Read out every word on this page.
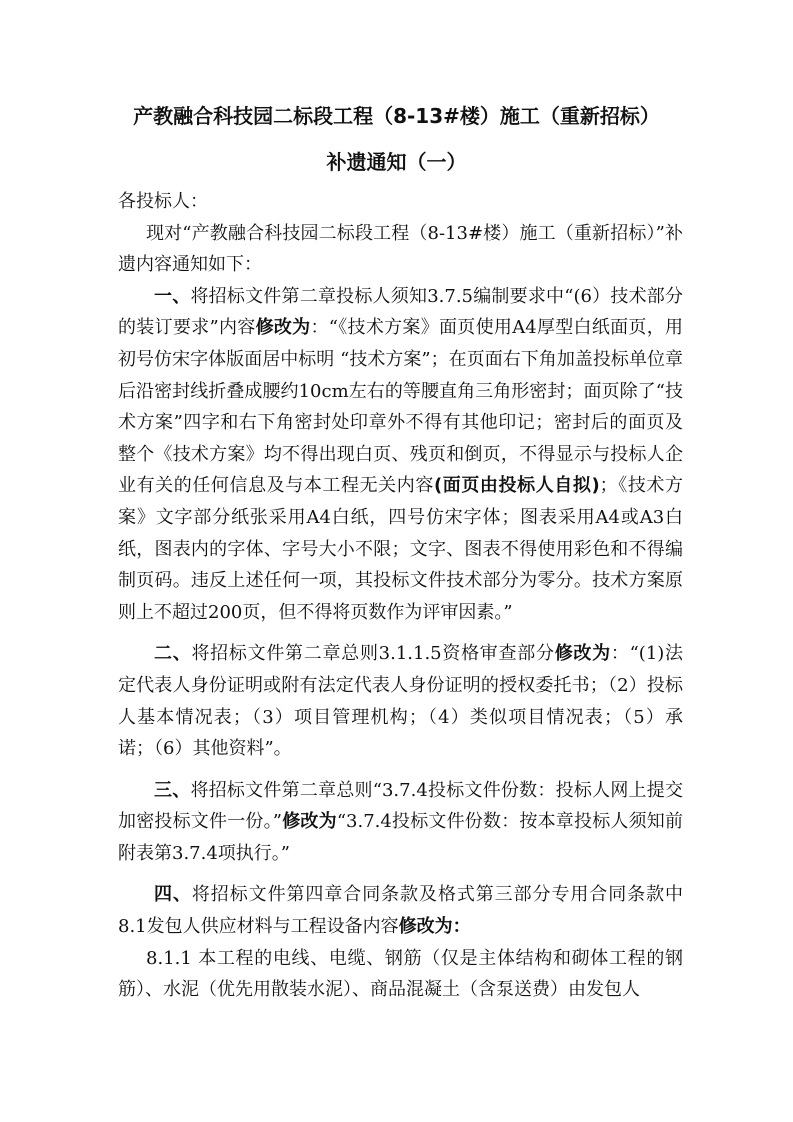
产教融合科技园二标段工程（8-13#楼）施工（重新招标）
补遗通知（一）

各投标人：

现对“产教融合科技园二标段工程（8-13#楼）施工（重新招标）”补遗内容通知如下：

一、将招标文件第二章投标人须知3.7.5编制要求中“(6）技术部分的装订要求”内容修改为：“《技术方案》面页使用A4厚型白纸面页，用初号仿宋字体版面居中标明 “技术方案”；在页面右下角加盖投标单位章后沿密封线折叠成腰约10cm左右的等腰直角三角形密封；面页除了“技术方案”四字和右下角密封处印章外不得有其他印记；密封后的面页及整个《技术方案》均不得出现白页、残页和倒页，不得显示与投标人企业有关的任何信息及与本工程无关内容(面页由投标人自拟)；《技术方案》文字部分纸张采用A4白纸，四号仿宋字体；图表采用A4或A3白纸，图表内的字体、字号大小不限；文字、图表不得使用彩色和不得编制页码。违反上述任何一项，其投标文件技术部分为零分。技术方案原则上不超过200页，但不得将页数作为评审因素。”

二、将招标文件第二章总则3.1.1.5资格审查部分修改为：“(1)法定代表人身份证明或附有法定代表人身份证明的授权委托书；（2）投标人基本情况表；（3）项目管理机构；（4）类似项目情况表；（5）承诺；（6）其他资料”。

三、将招标文件第二章总则“3.7.4投标文件份数：投标人网上提交加密投标文件一份。”修改为“3.7.4投标文件份数：按本章投标人须知前附表第3.7.4项执行。”

四、将招标文件第四章合同条款及格式第三部分专用合同条款中8.1发包人供应材料与工程设备内容修改为：

8.1.1 本工程的电线、电缆、钢筋（仅是主体结构和砌体工程的钢筋）、水泥（优先用散装水泥）、商品混凝土（含泵送费）由发包人
